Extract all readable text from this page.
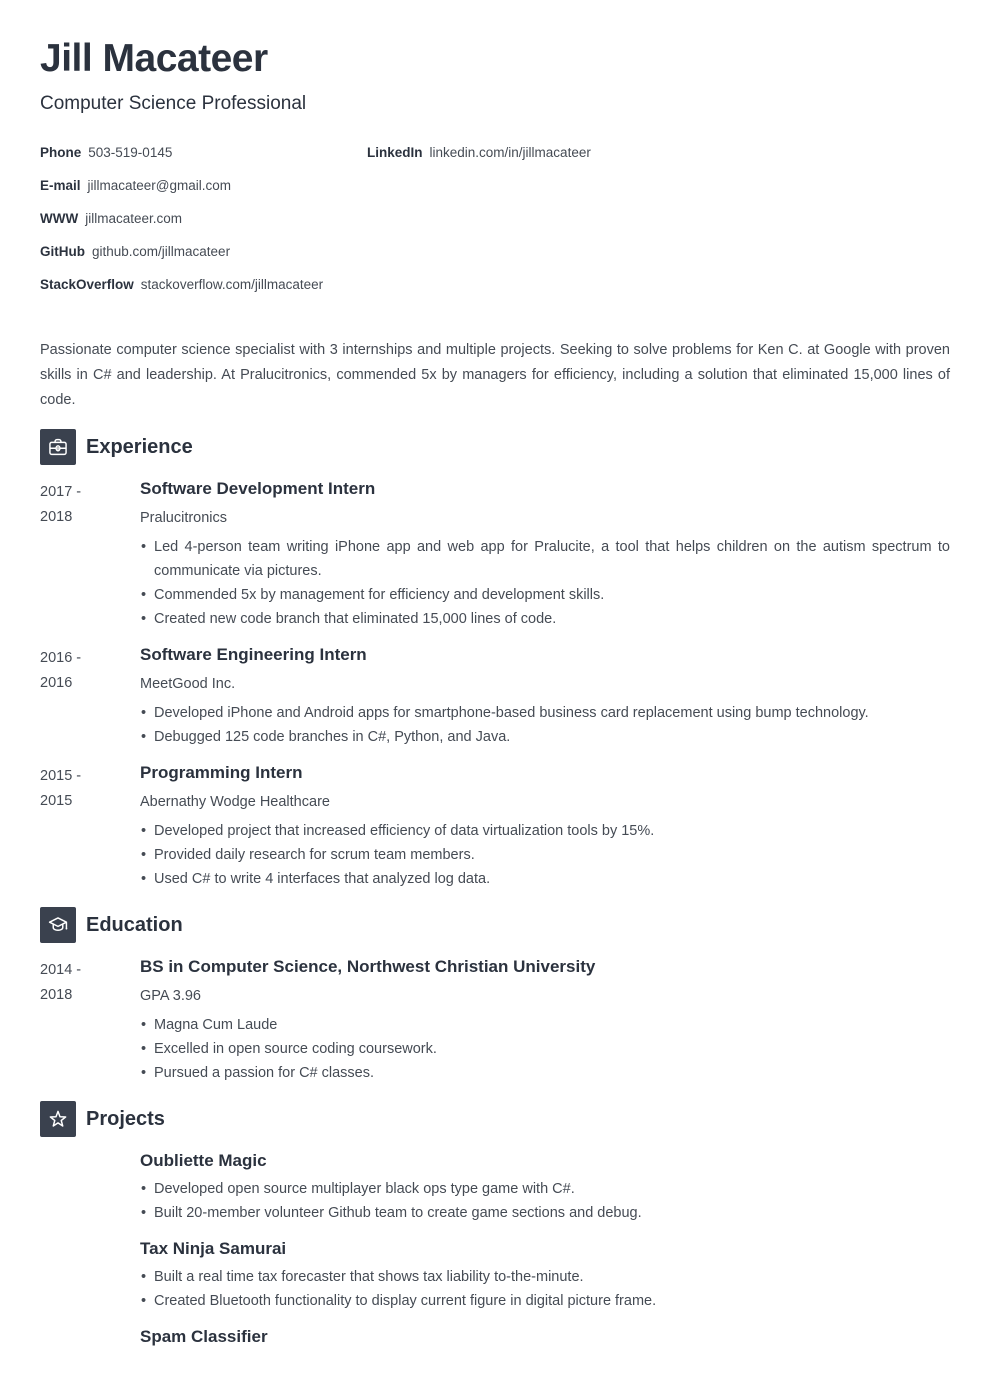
Jill Macateer
Computer Science Professional
Phone 503-519-0145
E-mail jillmacateer@gmail.com
WWW jillmacateer.com
GitHub github.com/jillmacateer
StackOverflow stackoverflow.com/jillmacateer
LinkedIn linkedin.com/in/jillmacateer

Passionate computer science specialist with 3 internships and multiple projects. Seeking to solve problems for Ken C. at Google with proven skills in C# and leadership. At Pralucitronics, commended 5x by managers for efficiency, including a solution that eliminated 15,000 lines of code.

Experience
2017 -
2018
Software Development Intern
Pralucitronics
• Led 4-person team writing iPhone app and web app for Pralucite, a tool that helps children on the autism spectrum to communicate via pictures.
• Commended 5x by management for efficiency and development skills.
• Created new code branch that eliminated 15,000 lines of code.
2016 -
2016
Software Engineering Intern
MeetGood Inc.
• Developed iPhone and Android apps for smartphone-based business card replacement using bump technology.
• Debugged 125 code branches in C#, Python, and Java.
2015 -
2015
Programming Intern
Abernathy Wodge Healthcare
• Developed project that increased efficiency of data virtualization tools by 15%.
• Provided daily research for scrum team members.
• Used C# to write 4 interfaces that analyzed log data.
Education
2014 -
2018
BS in Computer Science, Northwest Christian University
GPA 3.96
• Magna Cum Laude
• Excelled in open source coding coursework.
• Pursued a passion for C# classes.
Projects
Oubliette Magic
• Developed open source multiplayer black ops type game with C#.
• Built 20-member volunteer Github team to create game sections and debug.
Tax Ninja Samurai
• Built a real time tax forecaster that shows tax liability to-the-minute.
• Created Bluetooth functionality to display current figure in digital picture frame.
Spam Classifier
